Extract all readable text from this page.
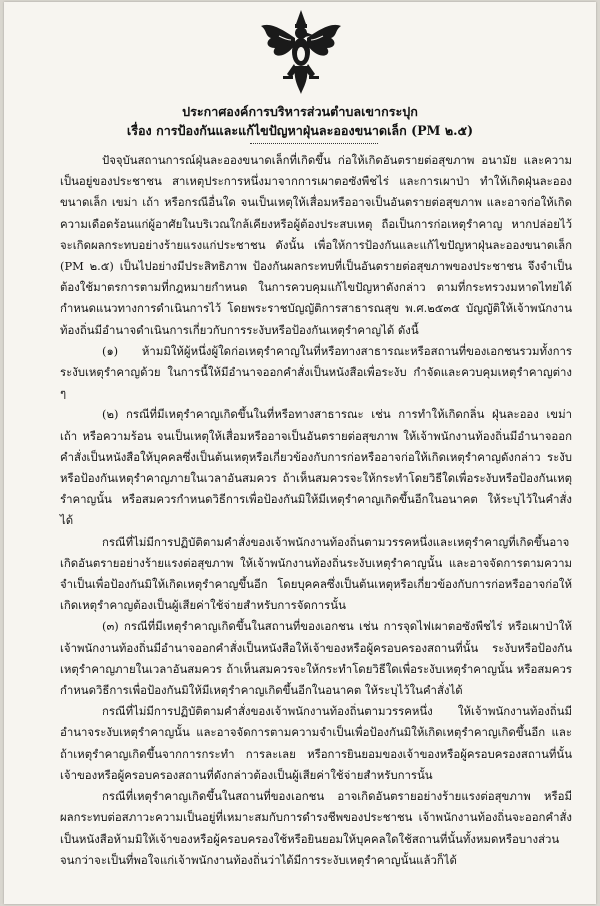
ประกาศองค์การบริหารส่วนตำบลเขากระปุก
เรื่อง การป้องกันและแก้ไขปัญหาฝุ่นละอองขนาดเล็ก (PM ๒.๕)

ปัจจุบันสถานการณ์ฝุ่นละอองขนาดเล็กที่เกิดขึ้น ก่อให้เกิดอันตรายต่อสุขภาพ อนามัย และความเป็นอยู่ของประชาชน สาเหตุประการหนึ่งมาจากการเผาตอซังพืชไร่ และการเผาป่า ทำให้เกิดฝุ่นละอองขนาดเล็ก เขม่า เถ้า หรือกรณีอื่นใด จนเป็นเหตุให้เสื่อมหรืออาจเป็นอันตรายต่อสุขภาพ และอาจก่อให้เกิดความเดือดร้อนแก่ผู้อาศัยในบริเวณใกล้เคียงหรือผู้ต้องประสบเหตุ ถือเป็นการก่อเหตุรำคาญ หากปล่อยไว้จะเกิดผลกระทบอย่างร้ายแรงแก่ประชาชน ดังนั้น เพื่อให้การป้องกันและแก้ไขปัญหาฝุ่นละอองขนาดเล็ก (PM ๒.๕) เป็นไปอย่างมีประสิทธิภาพ ป้องกันผลกระทบที่เป็นอันตรายต่อสุขภาพของประชาชน จึงจำเป็นต้องใช้มาตรการตามที่กฎหมายกำหนด ในการควบคุมแก้ไขปัญหาดังกล่าว ตามที่กระทรวงมหาดไทยได้กำหนดแนวทางการดำเนินการไว้ โดยพระราชบัญญัติการสาธารณสุข พ.ศ.๒๕๓๕ บัญญัติให้เจ้าพนักงานท้องถิ่นมีอำนาจดำเนินการเกี่ยวกับการระงับหรือป้องกันเหตุรำคาญได้ ดังนี้

(๑) ห้ามมิให้ผู้หนึ่งผู้ใดก่อเหตุรำคาญในที่หรือทางสาธารณะหรือสถานที่ของเอกชนรวมทั้งการระงับเหตุรำคาญด้วย ในการนี้ให้มีอำนาจออกคำสั่งเป็นหนังสือเพื่อระงับ กำจัดและควบคุมเหตุรำคาญต่าง ๆ

(๒) กรณีที่มีเหตุรำคาญเกิดขึ้นในที่หรือทางสาธารณะ เช่น การทำให้เกิดกลิ่น ฝุ่นละออง เขม่า เถ้า หรือความร้อน จนเป็นเหตุให้เสื่อมหรืออาจเป็นอันตรายต่อสุขภาพ ให้เจ้าพนักงานท้องถิ่นมีอำนาจออกคำสั่งเป็นหนังสือให้บุคคลซึ่งเป็นต้นเหตุหรือเกี่ยวข้องกับการก่อหรืออาจก่อให้เกิดเหตุรำคาญดังกล่าว ระงับหรือป้องกันเหตุรำคาญภายในเวลาอันสมควร ถ้าเห็นสมควรจะให้กระทำโดยวิธีใดเพื่อระงับหรือป้องกันเหตุรำคาญนั้น หรือสมควรกำหนดวิธีการเพื่อป้องกันมิให้มีเหตุรำคาญเกิดขึ้นอีกในอนาคต ให้ระบุไว้ในคำสั่งได้

กรณีที่ไม่มีการปฏิบัติตามคำสั่งของเจ้าพนักงานท้องถิ่นตามวรรคหนึ่งและเหตุรำคาญที่เกิดขึ้นอาจเกิดอันตรายอย่างร้ายแรงต่อสุขภาพ ให้เจ้าพนักงานท้องถิ่นระงับเหตุรำคาญนั้น และอาจจัดการตามความจำเป็นเพื่อป้องกันมิให้เกิดเหตุรำคาญขึ้นอีก โดยบุคคลซึ่งเป็นต้นเหตุหรือเกี่ยวข้องกับการก่อหรืออาจก่อให้เกิดเหตุรำคาญต้องเป็นผู้เสียค่าใช้จ่ายสำหรับการจัดการนั้น

(๓) กรณีที่มีเหตุรำคาญเกิดขึ้นในสถานที่ของเอกชน เช่น การจุดไฟเผาตอซังพืชไร่ หรือเผาป่าให้เจ้าพนักงานท้องถิ่นมีอำนาจออกคำสั่งเป็นหนังสือให้เจ้าของหรือผู้ครอบครองสถานที่นั้น ระงับหรือป้องกันเหตุรำคาญภายในเวลาอันสมควร ถ้าเห็นสมควรจะให้กระทำโดยวิธีใดเพื่อระงับเหตุรำคาญนั้น หรือสมควรกำหนดวิธีการเพื่อป้องกันมิให้มีเหตุรำคาญเกิดขึ้นอีกในอนาคต ให้ระบุไว้ในคำสั่งได้

กรณีที่ไม่มีการปฏิบัติตามคำสั่งของเจ้าพนักงานท้องถิ่นตามวรรคหนึ่ง ให้เจ้าพนักงานท้องถิ่นมีอำนาจระงับเหตุรำคาญนั้น และอาจจัดการตามความจำเป็นเพื่อป้องกันมิให้เกิดเหตุรำคาญเกิดขึ้นอีก และถ้าเหตุรำคาญเกิดขึ้นจากการกระทำ การละเลย หรือการยินยอมของเจ้าของหรือผู้ครอบครองสถานที่นั้นเจ้าของหรือผู้ครอบครองสถานที่ดังกล่าวต้องเป็นผู้เสียค่าใช้จ่ายสำหรับการนั้น

กรณีที่เหตุรำคาญเกิดขึ้นในสถานที่ของเอกชน อาจเกิดอันตรายอย่างร้ายแรงต่อสุขภาพ หรือมีผลกระทบต่อสภาวะความเป็นอยู่ที่เหมาะสมกับการดำรงชีพของประชาชน เจ้าพนักงานท้องถิ่นจะออกคำสั่งเป็นหนังสือห้ามมิให้เจ้าของหรือผู้ครอบครองใช้หรือยินยอมให้บุคคลใดใช้สถานที่นั้นทั้งหมดหรือบางส่วนจนกว่าจะเป็นที่พอใจแก่เจ้าพนักงานท้องถิ่นว่าได้มีการระงับเหตุรำคาญนั้นแล้วก็ได้
